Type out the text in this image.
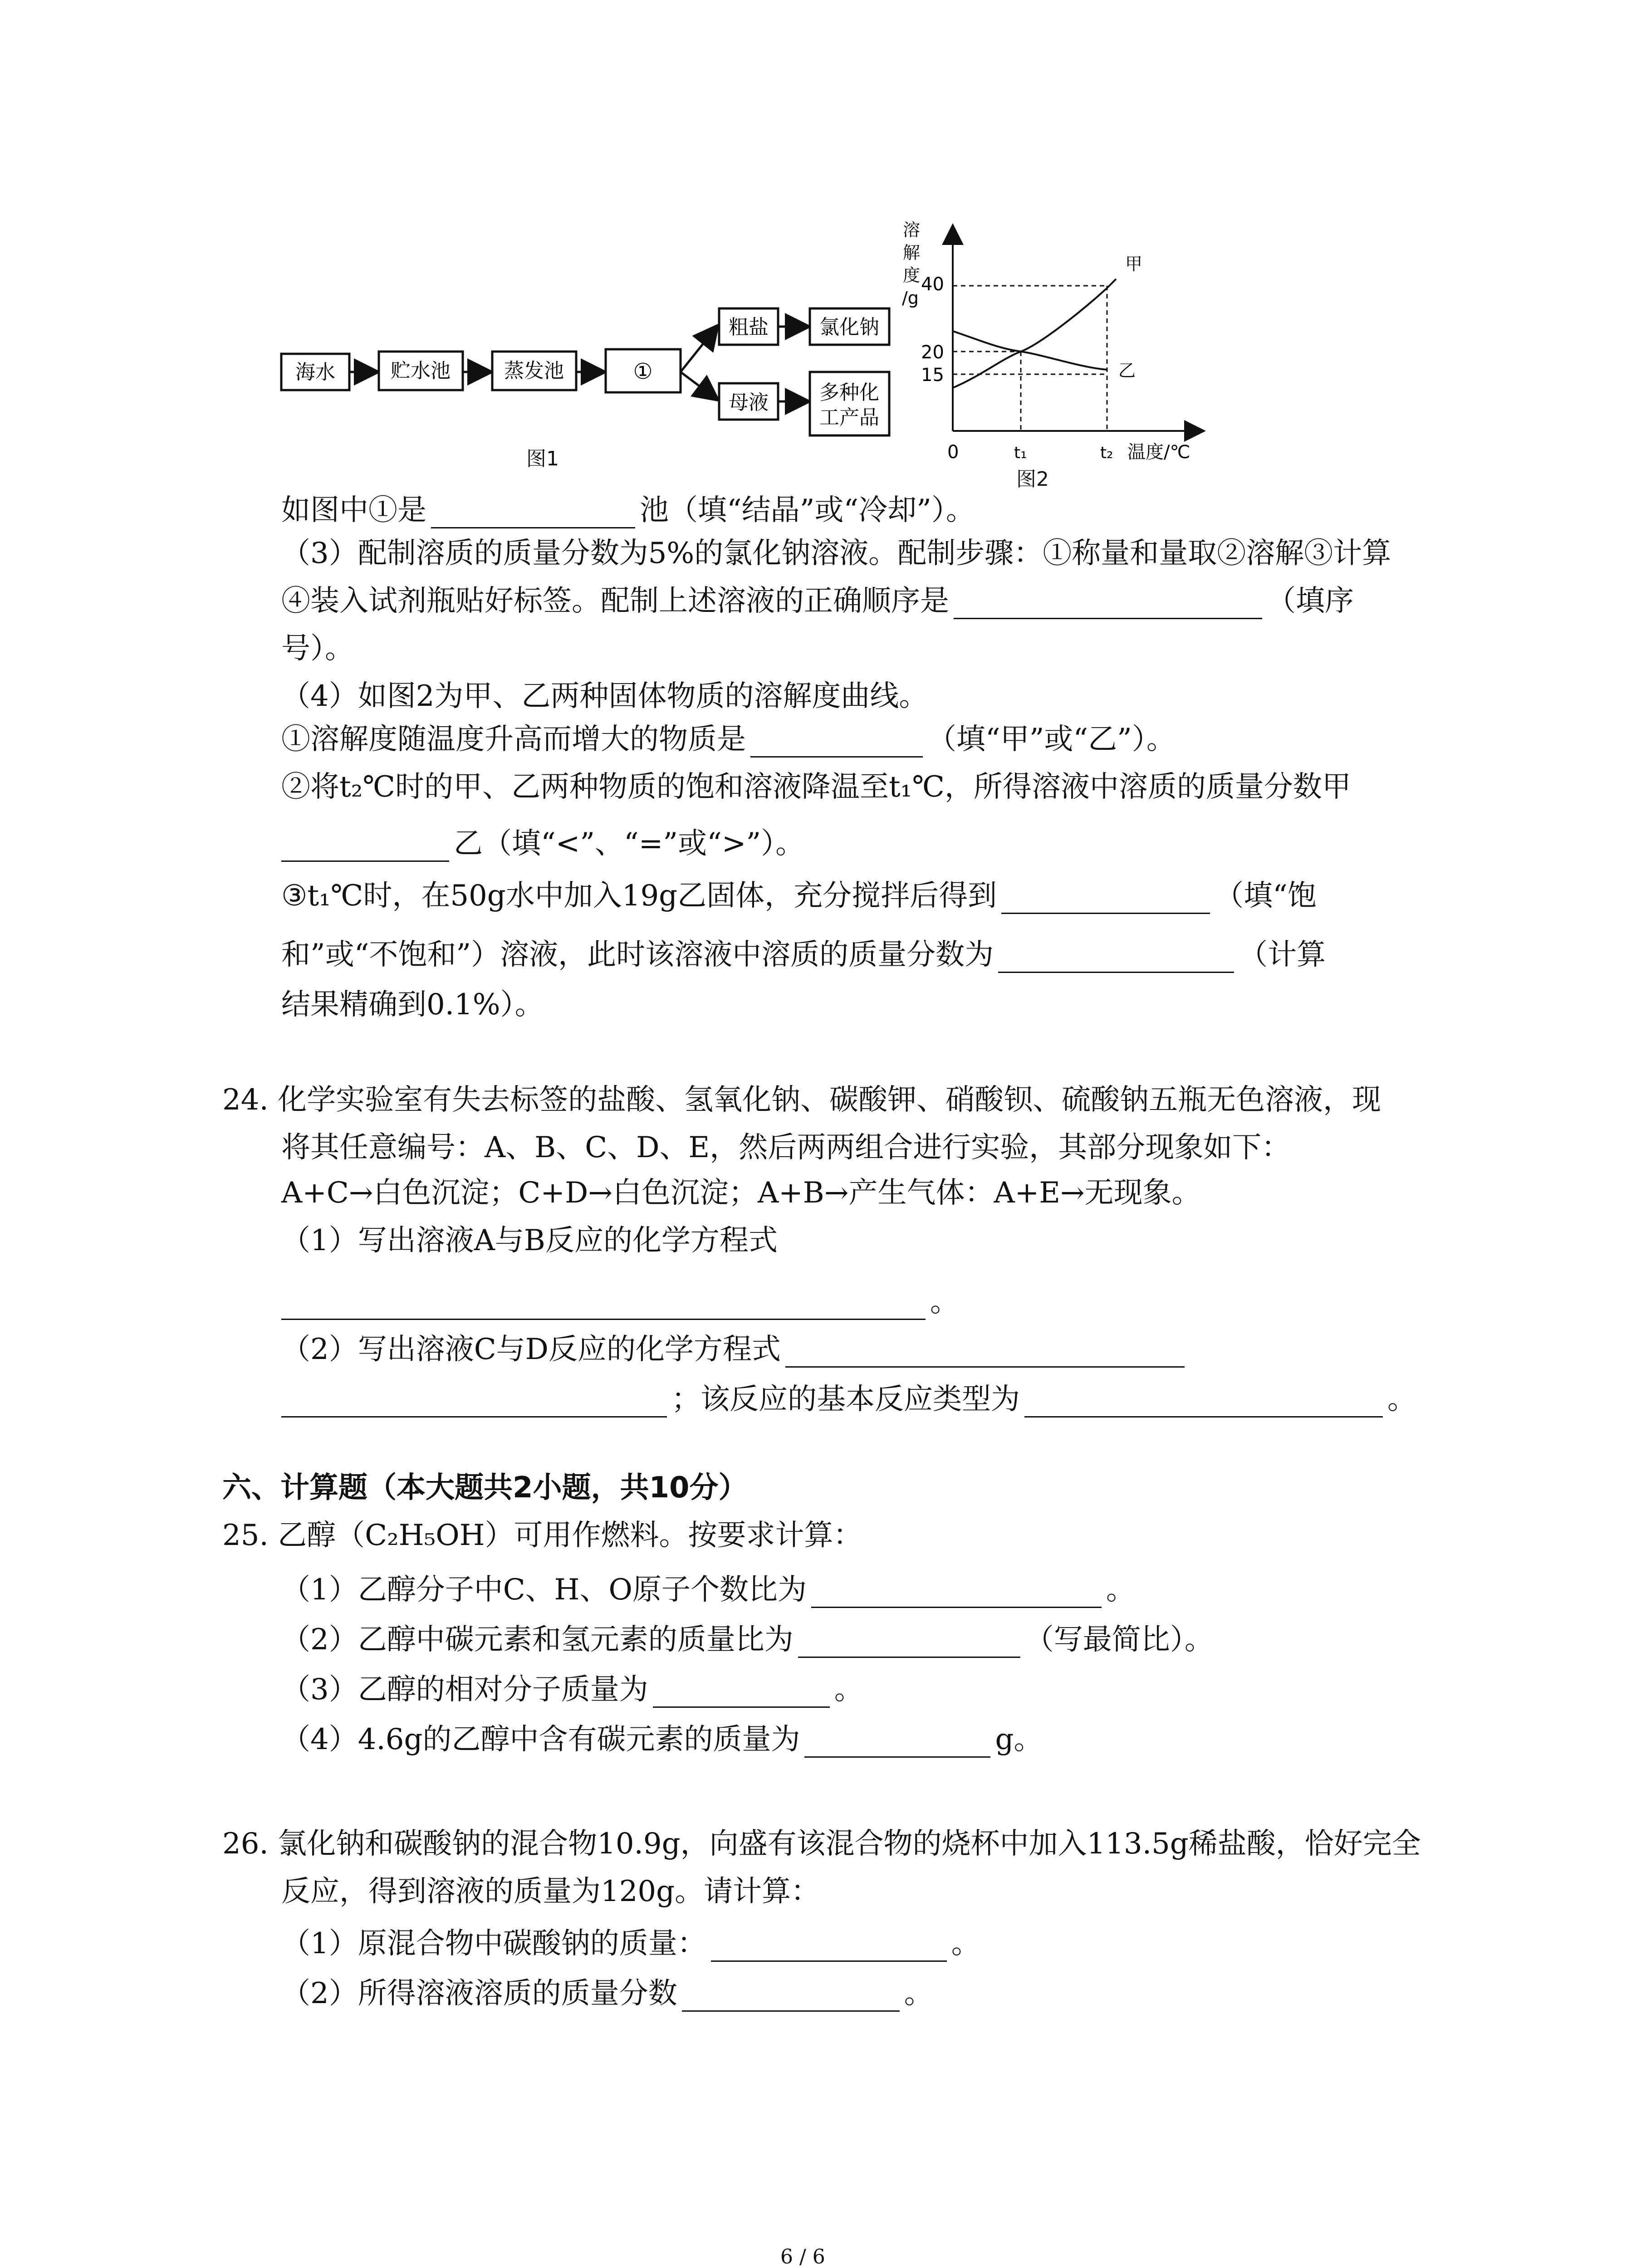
海水	贮水池	蒸发池	①
粗盐	氯化钠
母液	多种化
工产品
图1
溶
解
度
/g
40
20
15
甲
乙
0	t₁	t₂ 温度/℃
图2
如图中①是	池（填“结晶”或“冷却”）。
（3）配制溶质的质量分数为5%的氯化钠溶液。配制步骤：①称量和量取②溶解③计算
④装入试剂瓶贴好标签。配制上述溶液的正确顺序是	（填序
号）。
（4）如图2为甲、乙两种固体物质的溶解度曲线。
①溶解度随温度升高而增大的物质是	（填“甲”或“乙”）。
②将t₂℃时的甲、乙两种物质的饱和溶液降温至t₁℃，所得溶液中溶质的质量分数甲
乙（填“<”、“=”或“>”）。
③t₁℃时，在50g水中加入19g乙固体，充分搅拌后得到	（填“饱
和”或“不饱和”）溶液，此时该溶液中溶质的质量分数为	（计算
结果精确到0.1%）。
24. 化学实验室有失去标签的盐酸、氢氧化钠、碳酸钾、硝酸钡、硫酸钠五瓶无色溶液，现
将其任意编号：A、B、C、D、E，然后两两组合进行实验，其部分现象如下：
A+C→白色沉淀；C+D→白色沉淀；A+B→产生气体：A+E→无现象。
（1）写出溶液A与B反应的化学方程式
。
（2）写出溶液C与D反应的化学方程式
；该反应的基本反应类型为	。
六、计算题（本大题共2小题，共10分）
25. 乙醇（C₂H₅OH）可用作燃料。按要求计算：
（1）乙醇分子中C、H、O原子个数比为	。
（2）乙醇中碳元素和氢元素的质量比为	（写最简比）。
（3）乙醇的相对分子质量为	。
（4）4.6g的乙醇中含有碳元素的质量为	g。
26. 氯化钠和碳酸钠的混合物10.9g，向盛有该混合物的烧杯中加入113.5g稀盐酸，恰好完全
反应，得到溶液的质量为120g。请计算：
（1）原混合物中碳酸钠的质量：	。
（2）所得溶液溶质的质量分数	。
6 / 6
